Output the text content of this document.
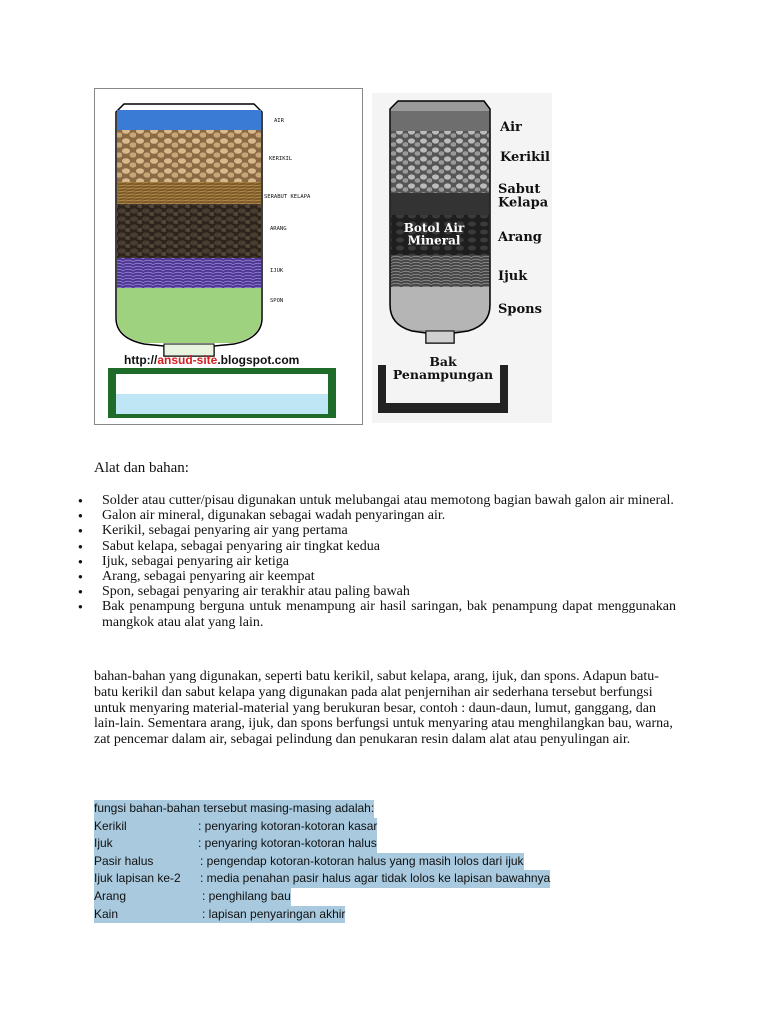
AIR
KERIKIL
SERABUT KELAPA
ARANG
IJUK
SPON
http://ansud-site.blogspot.com
Botol Air Mineral
Air
Kerikil
Sabut Kelapa
Arang
Ijuk
Spons
Bak Penampungan
Alat dan bahan:
● Solder atau cutter/pisau digunakan untuk melubangai atau memotong bagian bawah galon air mineral.
● Galon air mineral, digunakan sebagai wadah penyaringan air.
● Kerikil, sebagai penyaring air yang pertama
● Sabut kelapa, sebagai penyaring air tingkat kedua
● Ijuk, sebagai penyaring air ketiga
● Arang, sebagai penyaring air keempat
● Spon, sebagai penyaring air terakhir atau paling bawah
● Bak penampung berguna untuk menampung air hasil saringan, bak penampung dapat menggunakan mangkok atau alat yang lain.

bahan-bahan yang digunakan, seperti batu kerikil, sabut kelapa, arang, ijuk, dan spons. Adapun batu-batu kerikil dan sabut kelapa yang digunakan pada alat penjernihan air sederhana tersebut berfungsi untuk menyaring material-material yang berukuran besar, contoh : daun-daun, lumut, ganggang, dan lain-lain. Sementara arang, ijuk, dan spons berfungsi untuk menyaring atau menghilangkan bau, warna, zat pencemar dalam air, sebagai pelindung dan penukaran resin dalam alat atau penyulingan air.

fungsi bahan-bahan tersebut masing-masing adalah:
Kerikil	: penyaring kotoran-kotoran kasar
Ijuk	: penyaring kotoran-kotoran halus
Pasir halus	: pengendap kotoran-kotoran halus yang masih lolos dari ijuk
Ijuk lapisan ke-2 : media penahan pasir halus agar tidak lolos ke lapisan bawahnya
Arang	: penghilang bau
Kain	: lapisan penyaringan akhir
